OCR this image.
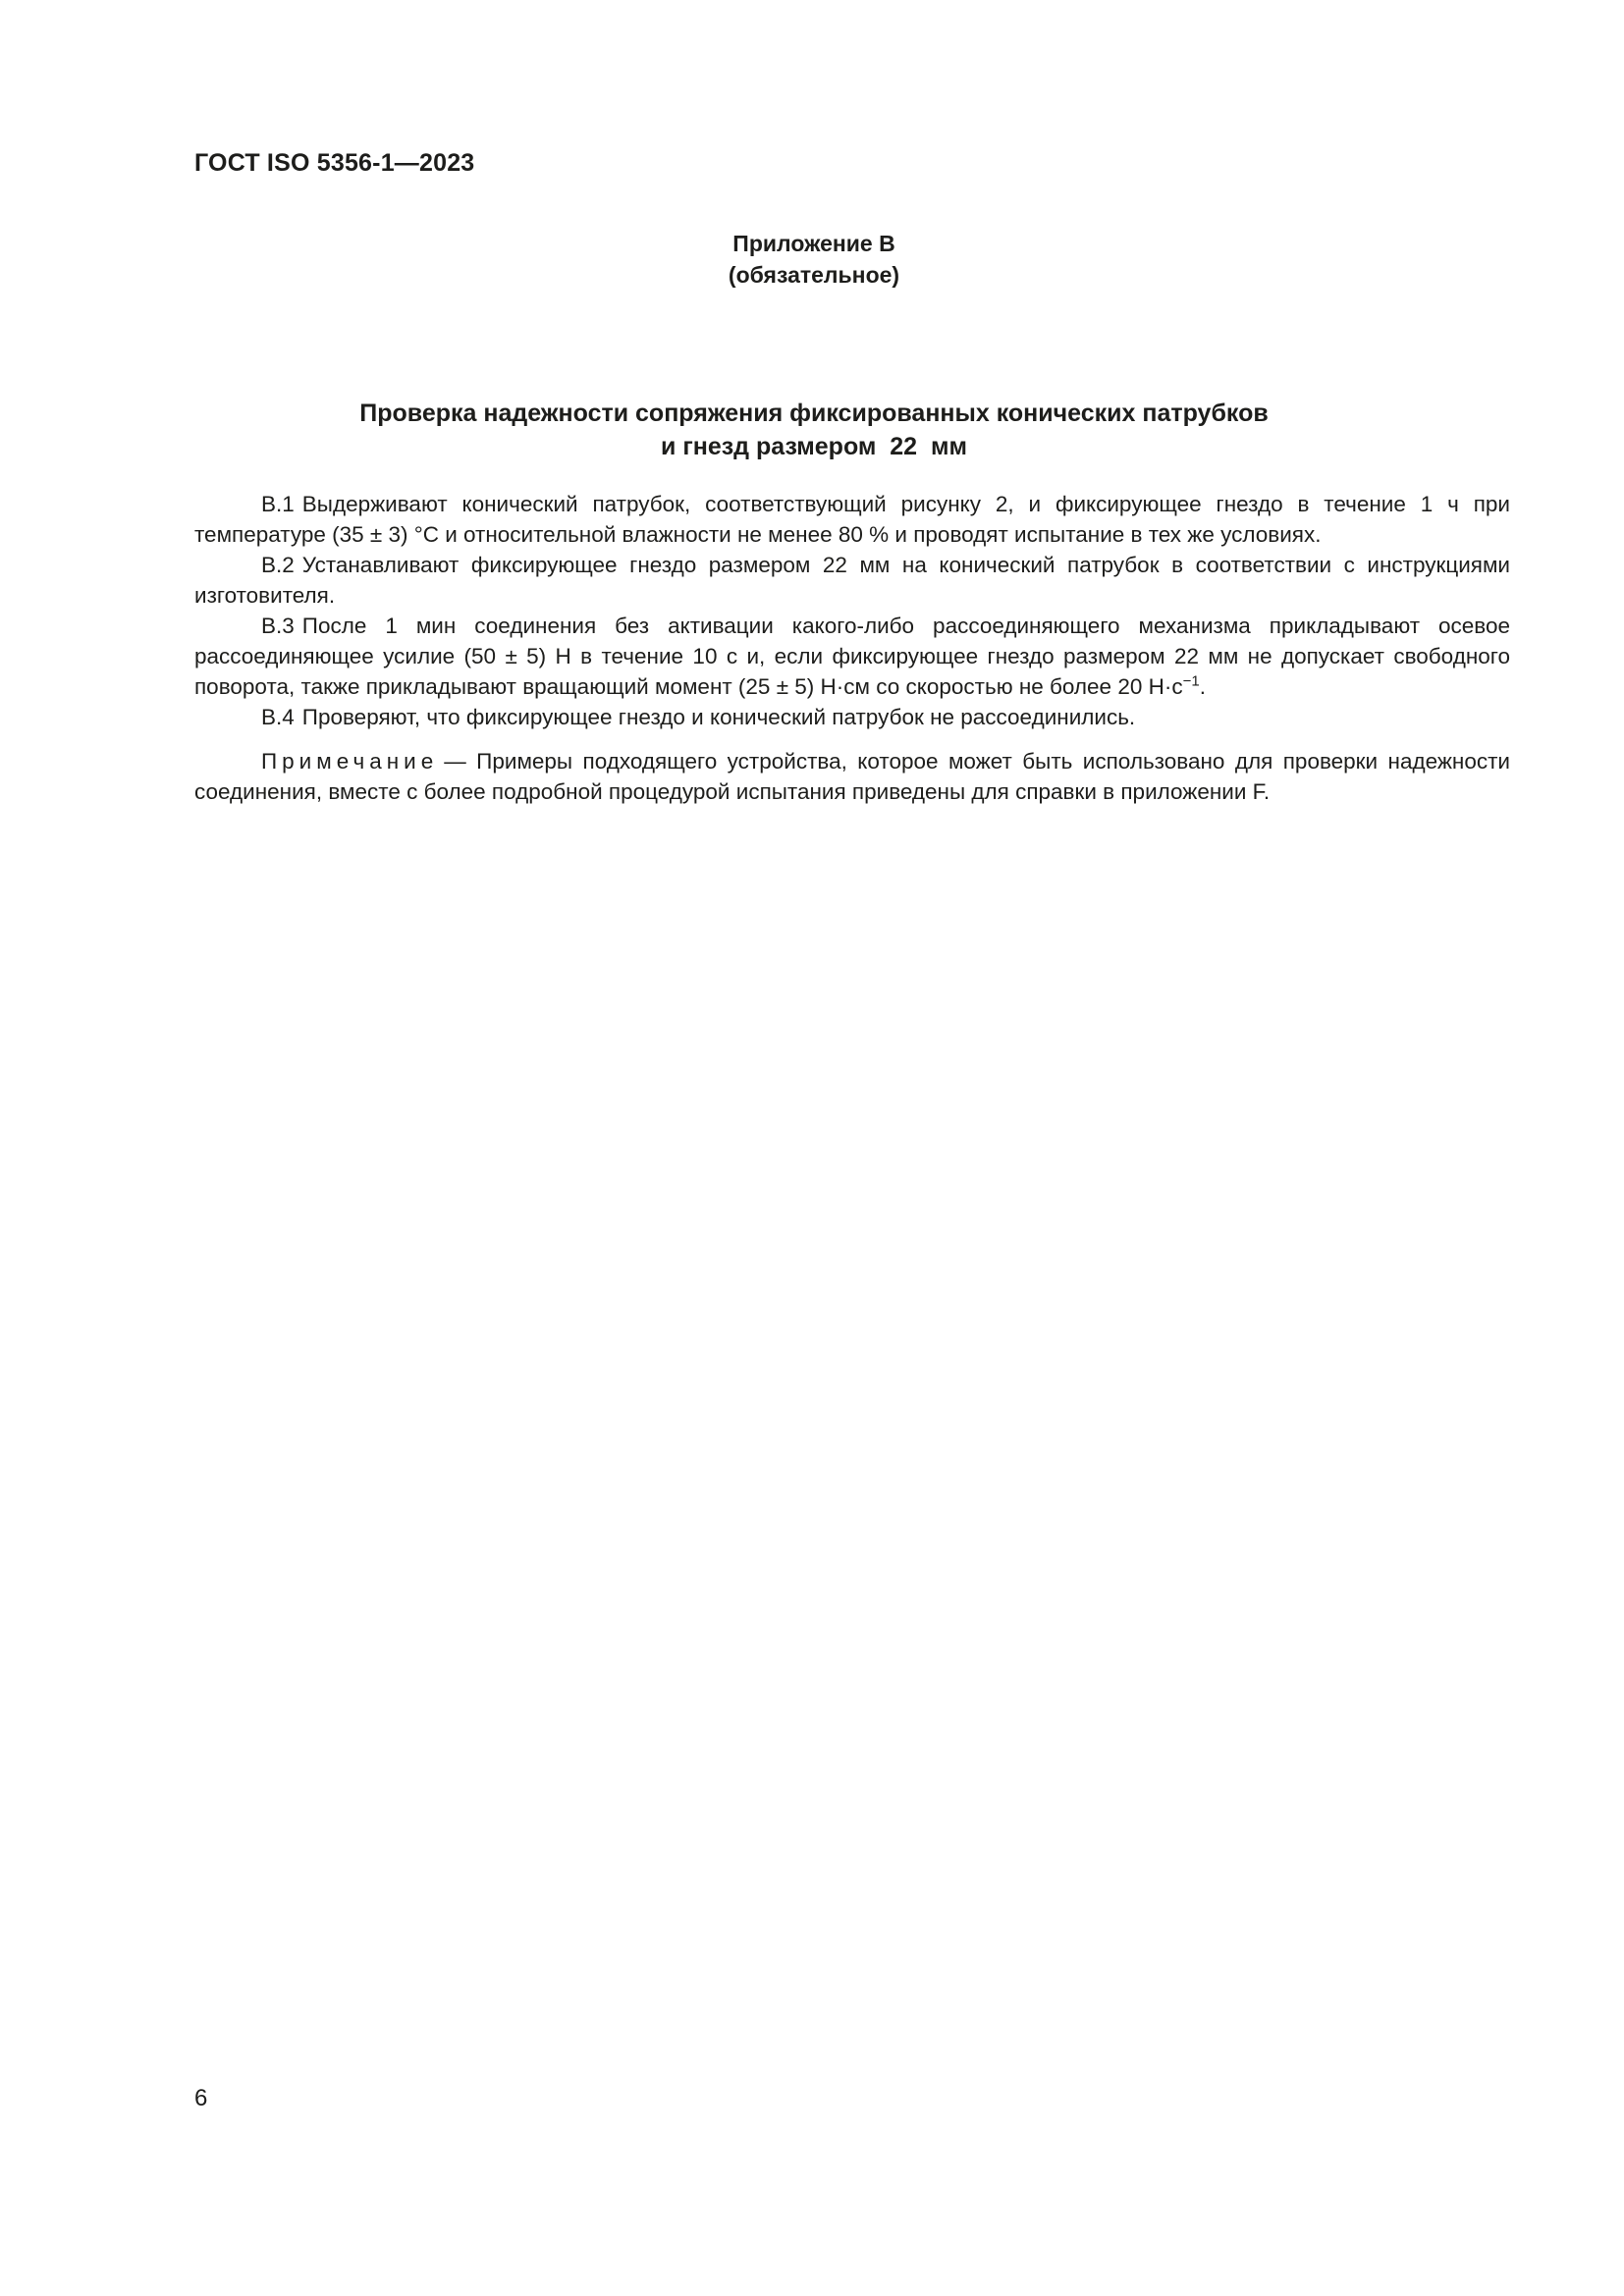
ГОСТ ISO 5356-1—2023
Приложение В
(обязательное)
Проверка надежности сопряжения фиксированных конических патрубков
и гнезд размером  22  мм

В.1 Выдерживают конический патрубок, соответствующий рисунку 2, и фиксирующее гнездо в течение 1 ч при температуре (35 ± 3) °С и относительной влажности не менее 80 % и проводят испытание в тех же условиях.

В.2 Устанавливают фиксирующее гнездо размером 22 мм на конический патрубок в соответствии с инструкциями изготовителя.

В.3 После 1 мин соединения без активации какого-либо рассоединяющего механизма прикладывают осевое рассоединяющее усилие (50 ± 5) Н в течение 10 с и, если фиксирующее гнездо размером 22 мм не допускает свободного поворота, также прикладывают вращающий момент (25 ± 5) Н·см со скоростью не более 20 $Н\cdot с^{-1}$.

В.4 Проверяют, что фиксирующее гнездо и конический патрубок не рассоединились.

Примечание — Примеры подходящего устройства, которое может быть использовано для проверки надежности соединения, вместе с более подробной процедурой испытания приведены для справки в приложении F.

6
